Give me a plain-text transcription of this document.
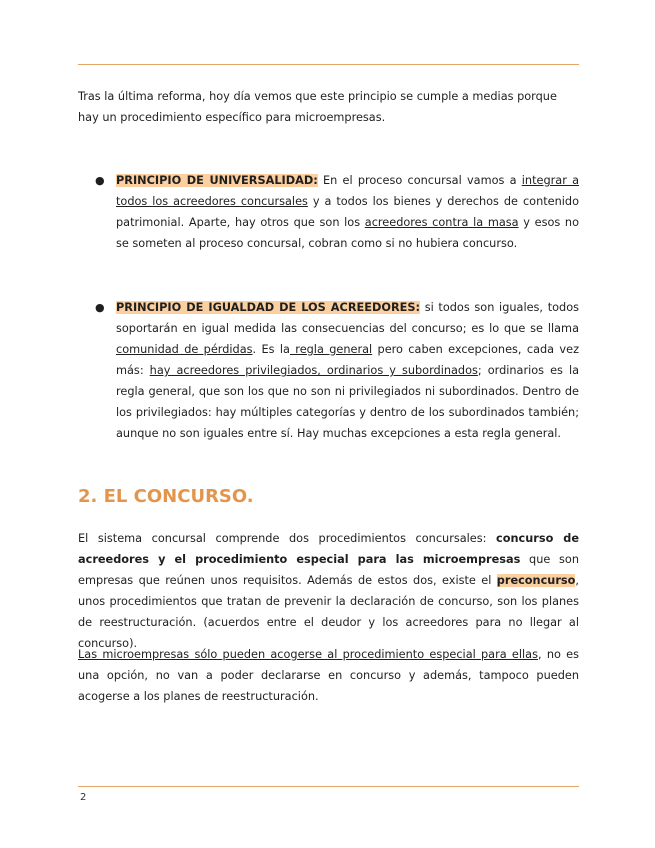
Tras la última reforma, hoy día vemos que este principio se cumple a medias porque hay un procedimiento específico para microempresas.

● PRINCIPIO DE UNIVERSALIDAD: En el proceso concursal vamos a integrar a todos los acreedores concursales y a todos los bienes y derechos de contenido patrimonial. Aparte, hay otros que son los acreedores contra la masa y esos no se someten al proceso concursal, cobran como si no hubiera concurso.

● PRINCIPIO DE IGUALDAD DE LOS ACREEDORES: si todos son iguales, todos soportarán en igual medida las consecuencias del concurso; es lo que se llama comunidad de pérdidas. Es la regla general pero caben excepciones, cada vez más: hay acreedores privilegiados, ordinarios y subordinados; ordinarios es la regla general, que son los que no son ni privilegiados ni subordinados. Dentro de los privilegiados: hay múltiples categorías y dentro de los subordinados también; aunque no son iguales entre sí. Hay muchas excepciones a esta regla general.

2. EL CONCURSO.

El sistema concursal comprende dos procedimientos concursales: concurso de acreedores y el procedimiento especial para las microempresas que son empresas que reúnen unos requisitos. Además de estos dos, existe el preconcurso, unos procedimientos que tratan de prevenir la declaración de concurso, son los planes de reestructuración. (acuerdos entre el deudor y los acreedores para no llegar al concurso).

Las microempresas sólo pueden acogerse al procedimiento especial para ellas, no es una opción, no van a poder declararse en concurso y además, tampoco pueden acogerse a los planes de reestructuración.

2
